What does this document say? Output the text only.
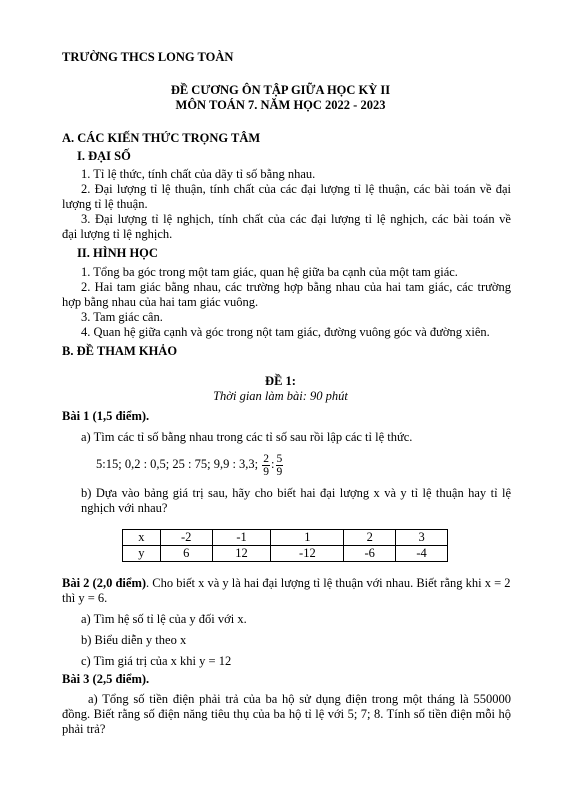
TRƯỜNG THCS LONG TOÀN
ĐỀ CƯƠNG ÔN TẬP GIỮA HỌC KỲ II
MÔN TOÁN 7. NĂM HỌC 2022 - 2023
A. CÁC KIẾN THỨC TRỌNG TÂM
I. ĐẠI SỐ
1. Tỉ lệ thức, tính chất của dãy tỉ số bằng nhau.
2. Đại lượng tỉ lệ thuận, tính chất của các đại lượng tỉ lệ thuận, các bài toán về đại
lượng tỉ lệ thuận.
3. Đại lượng tỉ lệ nghịch, tính chất của các đại lượng tỉ lệ nghịch, các bài toán về
đại lượng tỉ lệ nghịch.
II. HÌNH HỌC
1. Tổng ba góc trong một tam giác, quan hệ giữa ba cạnh của một tam giác.
2. Hai tam giác bằng nhau, các trường hợp bằng nhau của hai tam giác, các trường
hợp bằng nhau của hai tam giác vuông.
3. Tam giác cân.
4. Quan hệ giữa cạnh và góc trong nột tam giác, đường vuông góc và đường xiên.
B. ĐỀ THAM KHẢO
ĐỀ 1:
Thời gian làm bài: 90 phút
Bài 1 (1,5 điểm).
a) Tìm các tỉ số bằng nhau trong các tỉ số sau rồi lập các tỉ lệ thức.
5:15; 0,2 : 0,5; 25 : 75; 9,9 : 3,3; $\frac{2}{9}$ : $\frac{5}{9}$
b) Dựa vào bảng giá trị sau, hãy cho biết hai đại lượng x và y tỉ lệ thuận hay tỉ lệ
nghịch với nhau?
x	-2	-1	1	2	3
y	6	12	-12	-6	-4
Bài 2 (2,0 điểm). Cho biết x và y là hai đại lượng tỉ lệ thuận với nhau. Biết rằng khi x = 2
thì y = 6.
a) Tìm hệ số tỉ lệ của y đối với x.
b) Biểu diễn y theo x
c) Tìm giá trị của x khi y = 12
Bài 3 (2,5 điểm).
a) Tổng số tiền điện phải trả của ba hộ sử dụng điện trong một tháng là 550000
đồng. Biết rằng số điện năng tiêu thụ của ba hộ tỉ lệ với 5; 7; 8. Tính số tiền điện mỗi hộ
phải trả?
